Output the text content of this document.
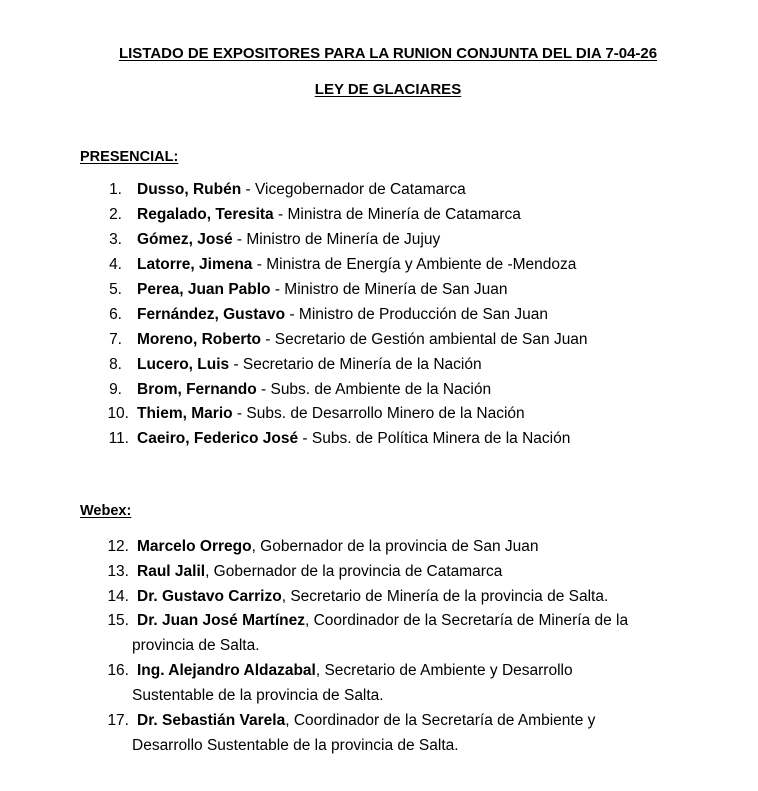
LISTADO DE EXPOSITORES PARA LA RUNION CONJUNTA DEL DIA 7-04-26
LEY DE GLACIARES
PRESENCIAL:
1. Dusso, Rubén - Vicegobernador de Catamarca
2. Regalado, Teresita - Ministra de Minería de Catamarca
3. Gómez, José - Ministro de Minería de Jujuy
4. Latorre, Jimena - Ministra de Energía y Ambiente de -Mendoza
5. Perea, Juan Pablo - Ministro de Minería de San Juan
6. Fernández, Gustavo - Ministro de Producción de San Juan
7. Moreno, Roberto - Secretario de Gestión ambiental de San Juan
8. Lucero, Luis - Secretario de Minería de la Nación
9. Brom, Fernando - Subs. de Ambiente de la Nación
10. Thiem, Mario - Subs. de Desarrollo Minero de la Nación
11. Caeiro, Federico José - Subs. de Política Minera de la Nación
Webex:
12. Marcelo Orrego, Gobernador de la provincia de San Juan
13. Raul Jalil, Gobernador de la provincia de Catamarca
14. Dr. Gustavo Carrizo, Secretario de Minería de la provincia de Salta.
15. Dr. Juan José Martínez, Coordinador de la Secretaría de Minería de la
provincia de Salta.
16. Ing. Alejandro Aldazabal, Secretario de Ambiente y Desarrollo
Sustentable de la provincia de Salta.
17. Dr. Sebastián Varela, Coordinador de la Secretaría de Ambiente y
Desarrollo Sustentable de la provincia de Salta.
